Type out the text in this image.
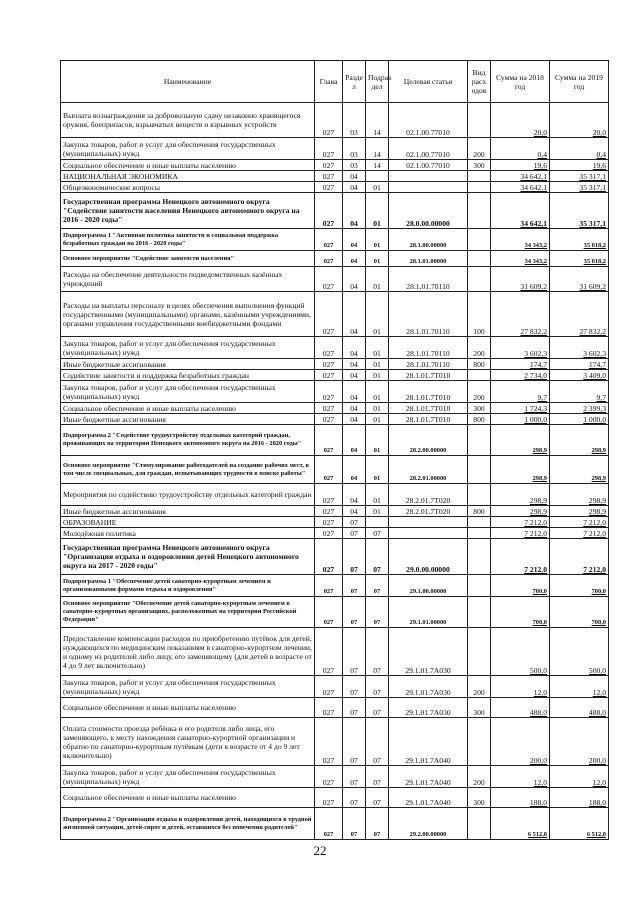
Наименование	Глава	Разде л	Подраз дел	Целевая статья	Вид расх одов	Сумма на 2018 год	Сумма на 2019 год
Выплата вознаграждения за добровольную сдачу незаконно хранящегося оружия, боеприпасов, взрывчатых веществ и взрывных устройств	027	03	14	02.1.00.77010		20,0	20,0
Закупка товаров, работ и услуг для обеспечения государственных (муниципальных) нужд	027	03	14	02.1.00.77010	200	0,4	0,4
Социальное обеспечение и иные выплаты населению	027	03	14	02.1.00.77010	300	19,6	19,6
НАЦИОНАЛЬНАЯ ЭКОНОМИКА	027	04				34 642,1	35 317,1
Общеэкономические вопросы	027	04	01			34 642,1	35 317,1
Государственная программа Ненецкого автономного округа "Содействие занятости населения Ненецкого автономного округа на 2016 - 2020 годы"	027	04	01	28.0.00.00000		34 642,1	35 317,1
Подпрограмма 1 "Активная политика занятости и социальная поддержка безработных граждан на 2016 - 2020 годы"	027	04	01	28.1.00.00000		34 343,2	35 018,2
Основное мероприятие "Содействие занятости населения"	027	04	01	28.1.01.00000		34 343,2	35 018,2
Расходы на обеспечение деятельности подведомственных казённых учреждений	027	04	01	28.1.01.70110		31 609,2	31 609,2
Расходы на выплаты персоналу в целях обеспечения выполнения функций государственными (муниципальными) органами, казёнными учреждениями, органами управления государственными внебюджетными фондами	027	04	01	28.1.01.70110	100	27 832,2	27 832,2
Закупка товаров, работ и услуг для обеспечения государственных (муниципальных) нужд	027	04	01	28.1.01.70110	200	3 602,3	3 602,3
Иные бюджетные ассигнования	027	04	01	28.1.01.70110	800	174,7	174,7
Содействие занятости и поддержка безработных граждан	027	04	01	28.1.01.7Т010		2 734,0	3 409,0
Закупка товаров, работ и услуг для обеспечения государственных (муниципальных) нужд	027	04	01	28.1.01.7Т010	200	9,7	9,7
Социальное обеспечение и иные выплаты населению	027	04	01	28.1.01.7Т010	300	1 724,3	2 399,3
Иные бюджетные ассигнования	027	04	01	28.1.01.7Т010	800	1 000,0	1 000,0
Подпрограмма 2 "Содействие трудоустройству отдельных категорий граждан, проживающих на территории Ненецкого автономного округа на 2016 - 2020 годы"	027	04	01	28.2.00.00000		298,9	298,9
Основное мероприятие "Стимулирование работодателей на создание рабочих мест, в том числе специальных, для граждан, испытывающих трудности в поиске работы"	027	04	01	28.2.01.00000		298,9	298,9
Мероприятия по содействию трудоустройству отдельных категорий граждан	027	04	01	28.2.01.7Т020		298,9	298,9
Иные бюджетные ассигнования	027	04	01	28.2.01.7Т020	800	298,9	298,9
ОБРАЗОВАНИЕ	027	07				7 212,0	7 212,0
Молодёжная политика	027	07	07			7 212,0	7 212,0
Государственная программа Ненецкого автономного округа "Организация отдыха и оздоровления детей Ненецкого автономного округа на 2017 - 2020 годы"	027	07	07	29.0.00.00000		7 212,0	7 212,0
Подпрограмма 1 "Обеспечение детей санаторно-курортным лечением и организованными формами отдыха и оздоровления"	027	07	07	29.1.00.00000		700,0	700,0
Основное мероприятие "Обеспечение детей санаторно-курортным лечением в санаторно-курортных организациях, расположенных на территории Российской Федерации"	027	07	07	29.1.01.00000		700,0	700,0
Предоставление компенсации расходов по приобретению путёвок для детей, нуждающихся по медицинским показаниям в санаторно-курортном лечении, и одному из родителей либо лицу, его заменяющему (для детей в возрасте от 4 до 9 лет включительно)	027	07	07	29.1.01.7А030		500,0	500,0
Закупка товаров, работ и услуг для обеспечения государственных (муниципальных) нужд	027	07	07	29.1.01.7А030	200	12,0	12,0
Социальное обеспечение и иные выплаты населению	027	07	07	29.1.01.7А030	300	488,0	488,0
Оплата стоимости проезда ребёнка и его родителя либо лица, его заменяющего, к месту нахождения санаторно-курортной организации и обратно по санаторно-курортным путёвкам (дети в возрасте от 4 до 9 лет включительно)	027	07	07	29.1.01.7А040		200,0	200,0
Закупка товаров, работ и услуг для обеспечения государственных (муниципальных) нужд	027	07	07	29.1.01.7А040	200	12,0	12,0
Социальное обеспечение и иные выплаты населению	027	07	07	29.1.01.7А040	300	188,0	188,0
Подпрограмма 2 "Организация отдыха и оздоровления детей, находящихся в трудной жизненной ситуации, детей-сирот и детей, оставшихся без попечения родителей"	027	07	07	29.2.00.00000		6 512,0	6 512,0
22
